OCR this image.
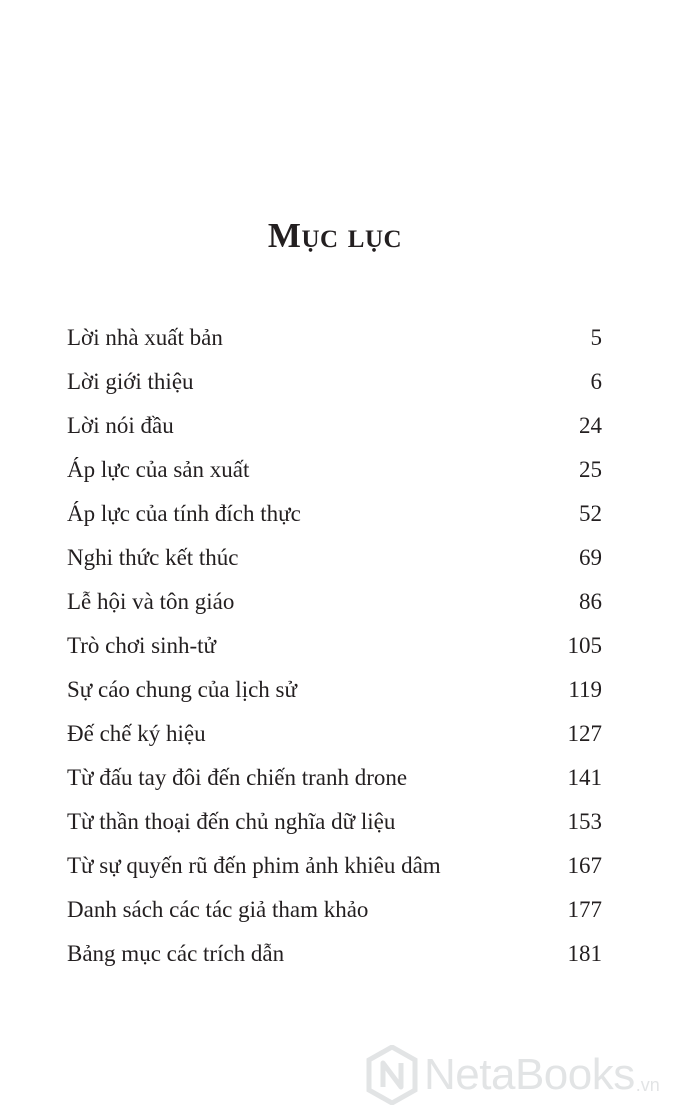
Mục lục
Lời nhà xuất bản	5
Lời giới thiệu	6
Lời nói đầu	24
Áp lực của sản xuất	25
Áp lực của tính đích thực	52
Nghi thức kết thúc	69
Lễ hội và tôn giáo	86
Trò chơi sinh-tử	105
Sự cáo chung của lịch sử	119
Đế chế ký hiệu	127
Từ đấu tay đôi đến chiến tranh drone	141
Từ thần thoại đến chủ nghĩa dữ liệu	153
Từ sự quyến rũ đến phim ảnh khiêu dâm	167
Danh sách các tác giả tham khảo	177
Bảng mục các trích dẫn	181
NetaBooks .vn
